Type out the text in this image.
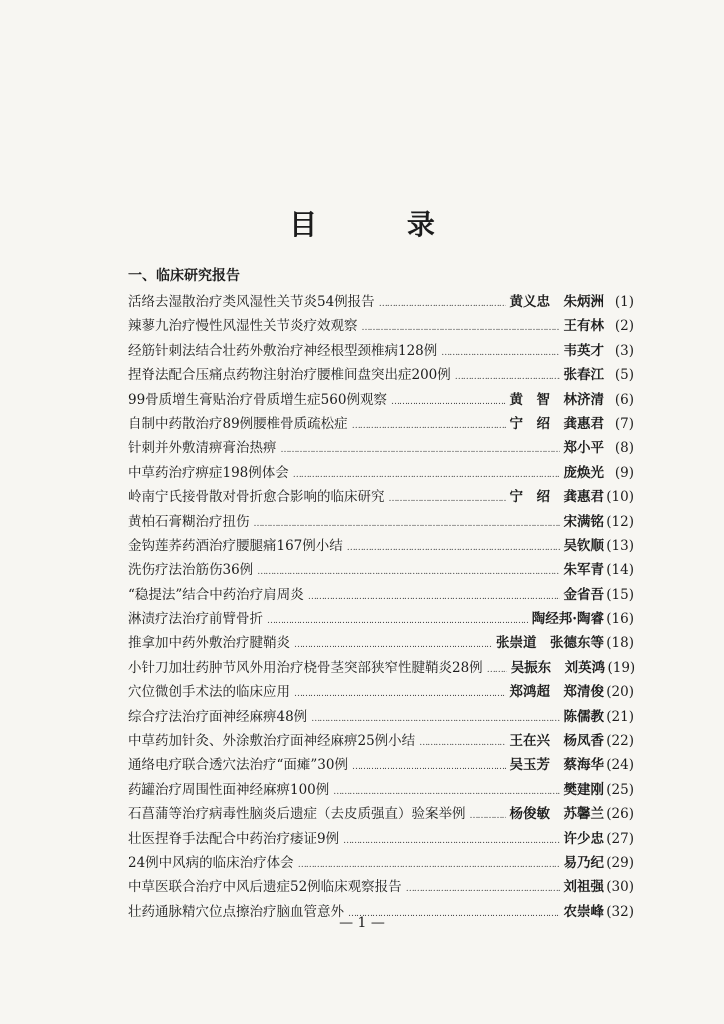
目 录
一、临床研究报告
活络去湿散治疗类风湿性关节炎54例报告 …………………………………………………………………………………………………………………………………………………………	黄义忠　朱炳洲 (1)
辣蓼九治疗慢性风湿性关节炎疗效观察 …………………………………………………………………………………………………………………………………………………………	王有林 (2)
经筋针刺法结合壮药外敷治疗神经根型颈椎病128例 …………………………………………………………………………………………………………………………………………………………	韦英才 (3)
捏脊法配合压痛点药物注射治疗腰椎间盘突出症200例 …………………………………………………………………………………………………………………………………………………………	张春江 (5)
99骨质增生膏贴治疗骨质增生症560例观察 …………………………………………………………………………………………………………………………………………………………	黄　智　林济清 (6)
自制中药散治疗89例腰椎骨质疏松症 …………………………………………………………………………………………………………………………………………………………	宁　绍　龚惠君 (7)
针刺并外敷清痹膏治热痹 …………………………………………………………………………………………………………………………………………………………	郑小平 (8)
中草药治疗痹症198例体会 …………………………………………………………………………………………………………………………………………………………	庞焕光 (9)
岭南宁氏接骨散对骨折愈合影响的临床研究 …………………………………………………………………………………………………………………………………………………………	宁　绍　龚惠君 (10)
黄柏石膏糊治疗扭伤 …………………………………………………………………………………………………………………………………………………………	宋满铭 (12)
金钩莲荞药酒治疗腰腿痛167例小结 …………………………………………………………………………………………………………………………………………………………	吴钦顺 (13)
洗伤疗法治筋伤36例 …………………………………………………………………………………………………………………………………………………………	朱军青 (14)
“稳提法”结合中药治疗肩周炎 …………………………………………………………………………………………………………………………………………………………	金省吾 (15)
淋渍疗法治疗前臂骨折 …………………………………………………………………………………………………………………………………………………………	陶经邦·陶睿 (16)
推拿加中药外敷治疗腱鞘炎 …………………………………………………………………………………………………………………………………………………………	张崇道　张德东等 (18)
小针刀加壮药肿节风外用治疗桡骨茎突部狭窄性腱鞘炎28例 ………………………………………………………………………………………………………………………………………………………… 吴振东　刘英鸿 (19)
穴位微创手术法的临床应用 …………………………………………………………………………………………………………………………………………………………	郑鸿超　郑清俊 (20)
综合疗法治疗面神经麻痹48例 …………………………………………………………………………………………………………………………………………………………	陈儒教 (21)
中草药加针灸、外涂敷治疗面神经麻痹25例小结 …………………………………………………………………………………………………………………………………………………………	王在兴　杨凤香 (22)
通络电疗联合透穴法治疗“面瘫”30例 …………………………………………………………………………………………………………………………………………………………	吴玉芳　蔡海华 (24)
药罐治疗周围性面神经麻痹100例 …………………………………………………………………………………………………………………………………………………………	樊建刚 (25)
石菖蒲等治疗病毒性脑炎后遗症（去皮质强直）验案举例 …………………………………………………………………………………………………………………………………………………………	杨俊敏　苏馨兰 (26)
壮医捏脊手法配合中药治疗痿证9例 …………………………………………………………………………………………………………………………………………………………	许少忠 (27)
24例中风病的临床治疗体会 …………………………………………………………………………………………………………………………………………………………	易乃纪 (29)
中草医联合治疗中风后遗症52例临床观察报告 …………………………………………………………………………………………………………………………………………………………	刘祖强 (30)
壮药通脉精穴位点擦治疗脑血管意外 …………………………………………………………………………………………………………………………………………………………	农崇峰 (32)
— 1 —
